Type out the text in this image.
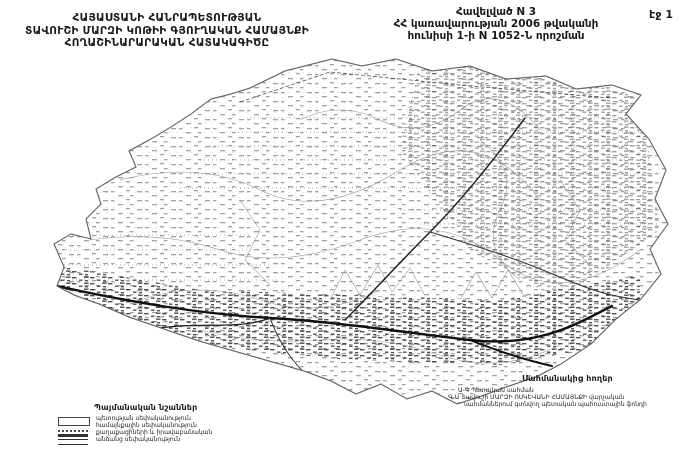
ՀԱՅԱՍՏԱՆԻ ՀԱՆՐԱՊԵՏՈՒԹՅԱՆ
ՏԱՎՈՒՇԻ ՄԱՐԶԻ ԿՈԹԻԻ ԳՅՈՒՂԱԿԱՆ ՀԱՄԱՅՆՔԻ
ՀՈՂԱՇԻՆԱՐԱՐԱԿԱՆ ՀԱՏԱԿԱԳԻԾԸ
Հավելված N 3
ՀՀ կառավարության 2006 թվականի
հունիսի 1-ի N 1052-Ն որոշման
էջ 1
Պայմանական նշաններ
պետության սեփականություն
համայնքային սեփականություն
քաղաքացիների և իրավաբանական
անձանց սեփականություն
Սահմանակից հողեր
Ա-Գ Պետական սահման
Գ-Ա Տավուշի ՄԱՐԶԻ ՈՍԿԵՎԱՆԻ ՀԱՄԱՅՆՔԻ վարչական
սահմաններում գտնվող պետական պահուստային ֆոնդի
